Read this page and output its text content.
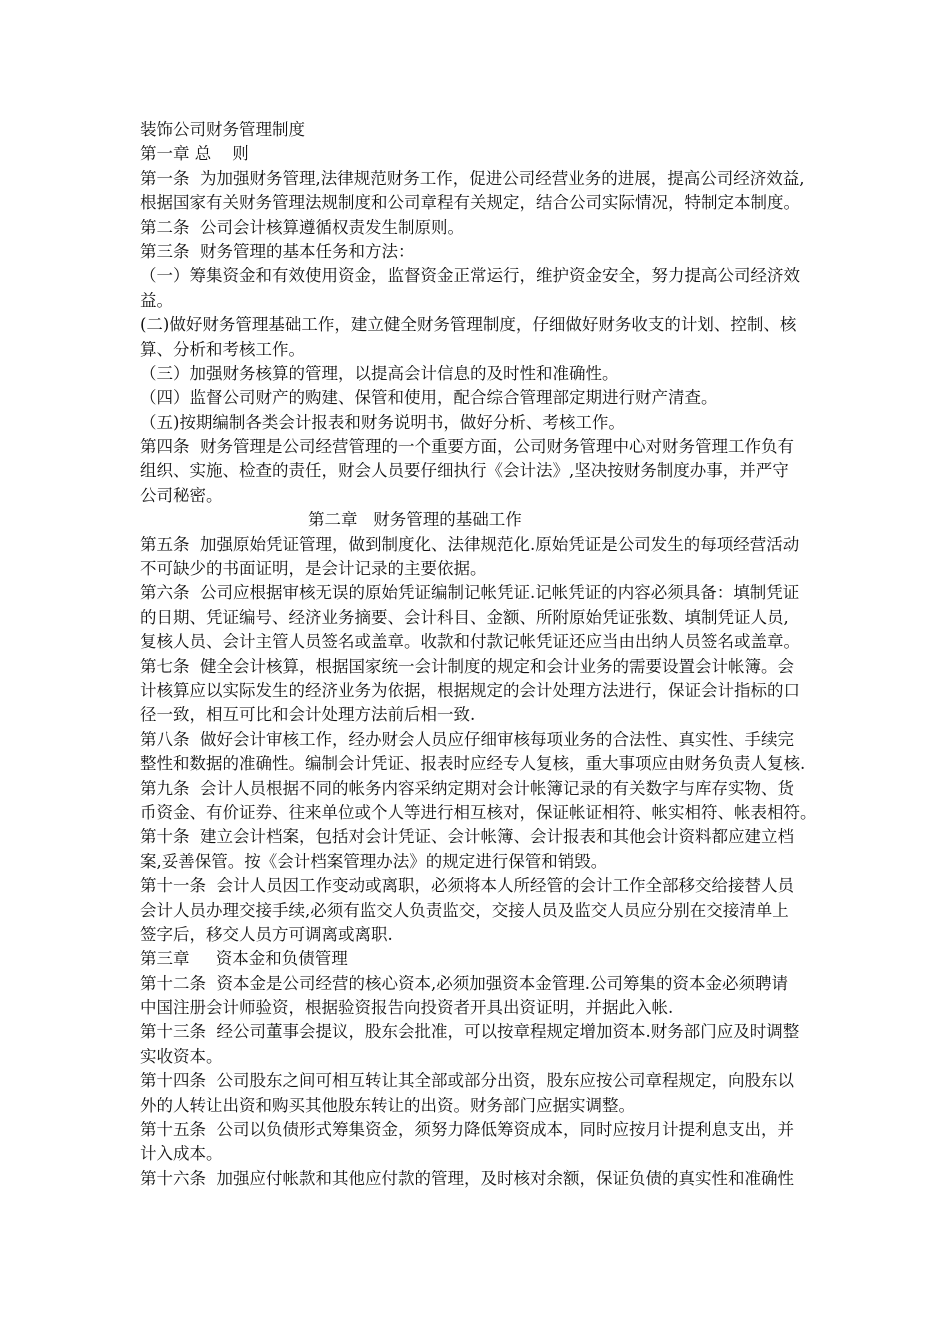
装饰公司财务管理制度
第一章 总    则
第一条  为加强财务管理,法律规范财务工作，促进公司经营业务的进展，提高公司经济效益,
根据国家有关财务管理法规制度和公司章程有关规定，结合公司实际情况，特制定本制度。
第二条  公司会计核算遵循权责发生制原则。
第三条  财务管理的基本任务和方法：
（一）筹集资金和有效使用资金，监督资金正常运行，维护资金安全，努力提高公司经济效
益。
(二)做好财务管理基础工作，建立健全财务管理制度，仔细做好财务收支的计划、控制、核
算、分析和考核工作。
（三）加强财务核算的管理，以提高会计信息的及时性和准确性。
（四）监督公司财产的购建、保管和使用，配合综合管理部定期进行财产清查。
（五)按期编制各类会计报表和财务说明书，做好分析、考核工作。
第四条  财务管理是公司经营管理的一个重要方面，公司财务管理中心对财务管理工作负有
组织、实施、检查的责任，财会人员要仔细执行《会计法》,坚决按财务制度办事，并严守
公司秘密。
第二章   财务管理的基础工作
第五条  加强原始凭证管理，做到制度化、法律规范化.原始凭证是公司发生的每项经营活动
不可缺少的书面证明，是会计记录的主要依据。
第六条  公司应根据审核无误的原始凭证编制记帐凭证.记帐凭证的内容必须具备：填制凭证
的日期、凭证编号、经济业务摘要、会计科目、金额、所附原始凭证张数、填制凭证人员,
复核人员、会计主管人员签名或盖章。收款和付款记帐凭证还应当由出纳人员签名或盖章。
第七条  健全会计核算，根据国家统一会计制度的规定和会计业务的需要设置会计帐簿。会
计核算应以实际发生的经济业务为依据，根据规定的会计处理方法进行，保证会计指标的口
径一致，相互可比和会计处理方法前后相一致.
第八条  做好会计审核工作，经办财会人员应仔细审核每项业务的合法性、真实性、手续完
整性和数据的准确性。编制会计凭证、报表时应经专人复核，重大事项应由财务负责人复核.
第九条  会计人员根据不同的帐务内容采纳定期对会计帐簿记录的有关数字与库存实物、货
币资金、有价证券、往来单位或个人等进行相互核对，保证帐证相符、帐实相符、帐表相符。
第十条  建立会计档案，包括对会计凭证、会计帐簿、会计报表和其他会计资料都应建立档
案,妥善保管。按《会计档案管理办法》的规定进行保管和销毁。
第十一条  会计人员因工作变动或离职，必须将本人所经管的会计工作全部移交给接替人员
会计人员办理交接手续,必须有监交人负责监交，交接人员及监交人员应分别在交接清单上
签字后，移交人员方可调离或离职.
第三章     资本金和负债管理
第十二条  资本金是公司经营的核心资本,必须加强资本金管理.公司筹集的资本金必须聘请
中国注册会计师验资，根据验资报告向投资者开具出资证明，并据此入帐.
第十三条  经公司董事会提议，股东会批准，可以按章程规定增加资本.财务部门应及时调整
实收资本。
第十四条  公司股东之间可相互转让其全部或部分出资，股东应按公司章程规定，向股东以
外的人转让出资和购买其他股东转让的出资。财务部门应据实调整。
第十五条  公司以负债形式筹集资金，须努力降低筹资成本，同时应按月计提利息支出，并
计入成本。
第十六条  加强应付帐款和其他应付款的管理，及时核对余额，保证负债的真实性和准确性
